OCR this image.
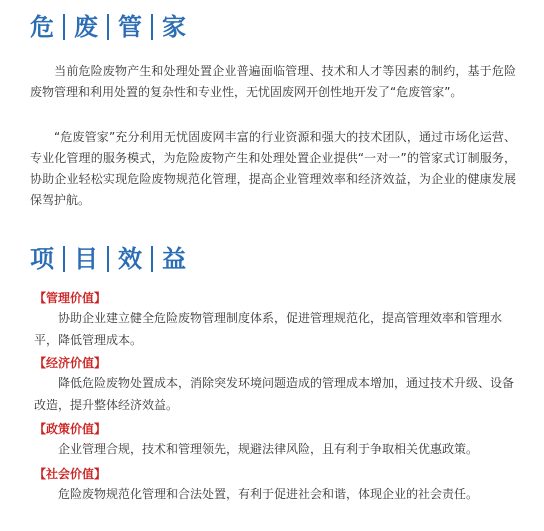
危 废 管 家

当前危险废物产生和处理处置企业普遍面临管理、技术和人才等因素的制约，基于危险废物管理和利用处置的复杂性和专业性，无忧固废网开创性地开发了“危废管家”。

“危废管家”充分利用无忧固废网丰富的行业资源和强大的技术团队，通过市场化运营、专业化管理的服务模式，为危险废物产生和处理处置企业提供“一对一”的管家式订制服务，协助企业轻松实现危险废物规范化管理，提高企业管理效率和经济效益，为企业的健康发展保驾护航。

项 目 效 益
【管理价值】

协助企业建立健全危险废物管理制度体系，促进管理规范化，提高管理效率和管理水平，降低管理成本。

【经济价值】

降低危险废物处置成本，消除突发环境问题造成的管理成本增加，通过技术升级、设备改造，提升整体经济效益。

【政策价值】

企业管理合规，技术和管理领先，规避法律风险，且有利于争取相关优惠政策。

【社会价值】

危险废物规范化管理和合法处置，有利于促进社会和谐，体现企业的社会责任。
